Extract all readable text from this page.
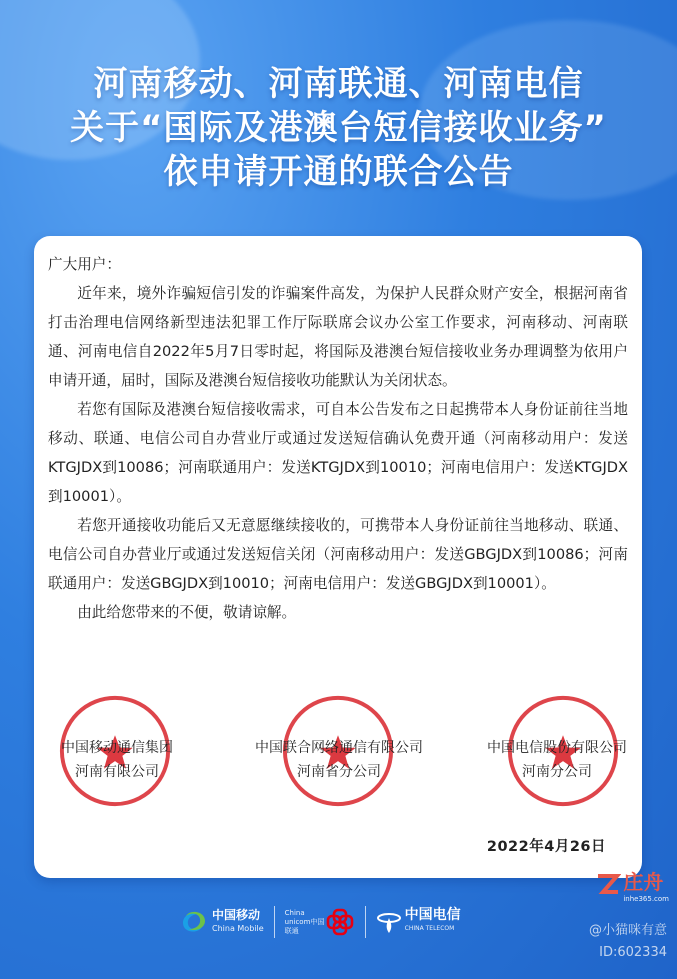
河南移动、河南联通、河南电信
关于“国际及港澳台短信接收业务”
依申请开通的联合公告

广大用户：

近年来，境外诈骗短信引发的诈骗案件高发，为保护人民群众财产安全，根据河南省打击治理电信网络新型违法犯罪工作厅际联席会议办公室工作要求，河南移动、河南联通、河南电信自2022年5月7日零时起，将国际及港澳台短信接收业务办理调整为依用户申请开通，届时，国际及港澳台短信接收功能默认为关闭状态。

若您有国际及港澳台短信接收需求，可自本公告发布之日起携带本人身份证前往当地移动、联通、电信公司自办营业厅或通过发送短信确认免费开通（河南移动用户：发送KTGJDX到10086；河南联通用户：发送KTGJDX到10010；河南电信用户：发送KTGJDX到10001）。

若您开通接收功能后又无意愿继续接收的，可携带本人身份证前往当地移动、联通、电信公司自办营业厅或通过发送短信关闭（河南移动用户：发送GBGJDX到10086；河南联通用户：发送GBGJDX到10010；河南电信用户：发送GBGJDX到10001）。

由此给您带来的不便，敬请谅解。

中国移动通信集团
河南有限公司
中国联合网络通信有限公司
河南省分公司
中国电信股份有限公司
河南分公司
2022年4月26日
中国移动
China Mobile
China unicom中国联通
中国电信
CHINA TELECOM
庄舟
inhe365.com
@小猫咪有意
ID:602334
